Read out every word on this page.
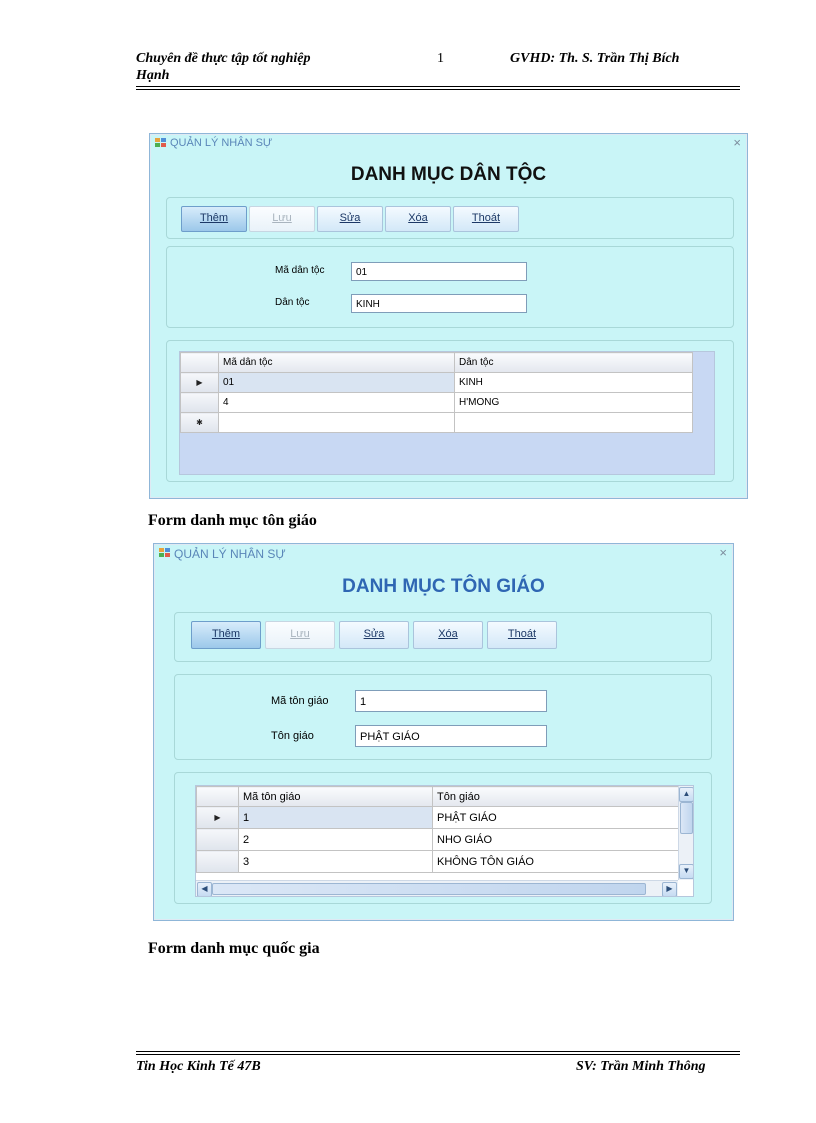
Chuyên đề thực tập tốt nghiệp
Hạnh
1	GVHD: Th. S. Trần Thị Bích
QUẢN LÝ NHÂN SỰ	×
DANH MỤC DÂN TỘC
Thêm	Lưu	Sửa	Xóa	Thoát
Mã dân tộc	01
Dân tộc	KINH
	Mã dân tộc	Dân tộc
▶	01	KINH
	4	H'MONG
✱		
Form danh mục tôn giáo
QUẢN LÝ NHÂN SỰ	×
DANH MỤC TÔN GIÁO
Thêm	Lưu	Sửa	Xóa	Thoát
Mã tôn giáo	1
Tôn giáo	PHẬT GIÁO
	Mã tôn giáo	Tôn giáo
▶	1	PHẬT GIÁO
	2	NHO GIÁO
	3	KHÔNG TÔN GIÁO
▲
▼
◀	▶
Form danh mục quốc gia
Tin Học Kinh Tế 47B	SV: Trần Minh Thông
